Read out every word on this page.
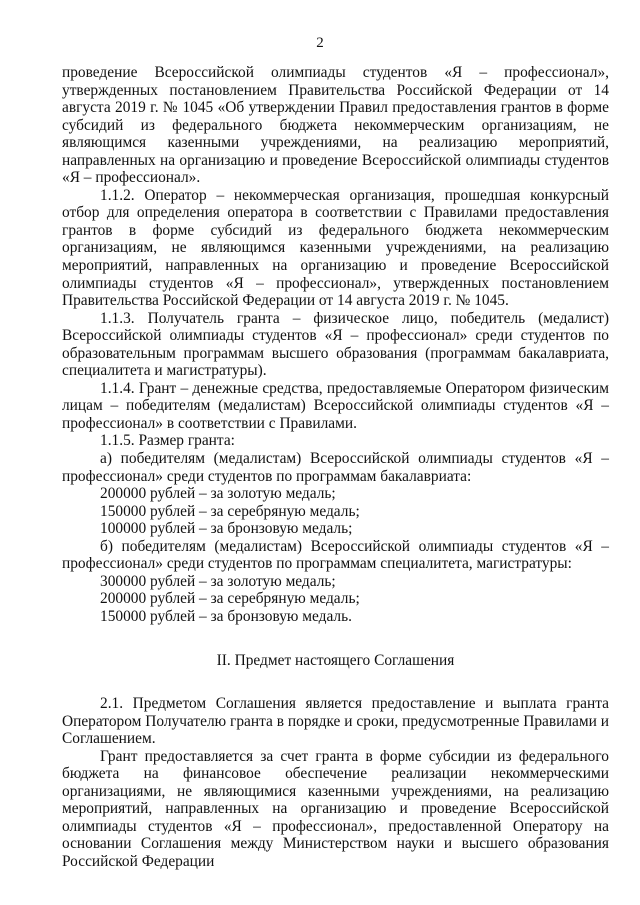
2

проведение Всероссийской олимпиады студентов «Я – профессионал», утвержденных постановлением Правительства Российской Федерации от 14 августа 2019 г. № 1045 «Об утверждении Правил предоставления грантов в форме субсидий из федерального бюджета некоммерческим организациям, не являющимся казенными учреждениями, на реализацию мероприятий, направленных на организацию и проведение Всероссийской олимпиады студентов «Я – профессионал».

1.1.2. Оператор – некоммерческая организация, прошедшая конкурсный отбор для определения оператора в соответствии с Правилами предоставления грантов в форме субсидий из федерального бюджета некоммерческим организациям, не являющимся казенными учреждениями, на реализацию мероприятий, направленных на организацию и проведение Всероссийской олимпиады студентов «Я – профессионал», утвержденных постановлением Правительства Российской Федерации от 14 августа 2019 г. № 1045.

1.1.3. Получатель гранта – физическое лицо, победитель (медалист) Всероссийской олимпиады студентов «Я – профессионал» среди студентов по образовательным программам высшего образования (программам бакалавриата, специалитета и магистратуры).

1.1.4. Грант – денежные средства, предоставляемые Оператором физическим лицам – победителям (медалистам) Всероссийской олимпиады студентов «Я – профессионал» в соответствии с Правилами.

1.1.5. Размер гранта:

а) победителям (медалистам) Всероссийской олимпиады студентов «Я – профессионал» среди студентов по программам бакалавриата:

200000 рублей – за золотую медаль;

150000 рублей – за серебряную медаль;

100000 рублей – за бронзовую медаль;

б) победителям (медалистам) Всероссийской олимпиады студентов «Я – профессионал» среди студентов по программам специалитета, магистратуры:

300000 рублей – за золотую медаль;

200000 рублей – за серебряную медаль;

150000 рублей – за бронзовую медаль.

II. Предмет настоящего Соглашения

2.1. Предметом Соглашения является предоставление и выплата гранта Оператором Получателю гранта в порядке и сроки, предусмотренные Правилами и Соглашением.

Грант предоставляется за счет гранта в форме субсидии из федерального бюджета на финансовое обеспечение реализации некоммерческими организациями, не являющимися казенными учреждениями, на реализацию мероприятий, направленных на организацию и проведение Всероссийской олимпиады студентов «Я – профессионал», предоставленной Оператору на основании Соглашения между Министерством науки и высшего образования Российской Федерации
